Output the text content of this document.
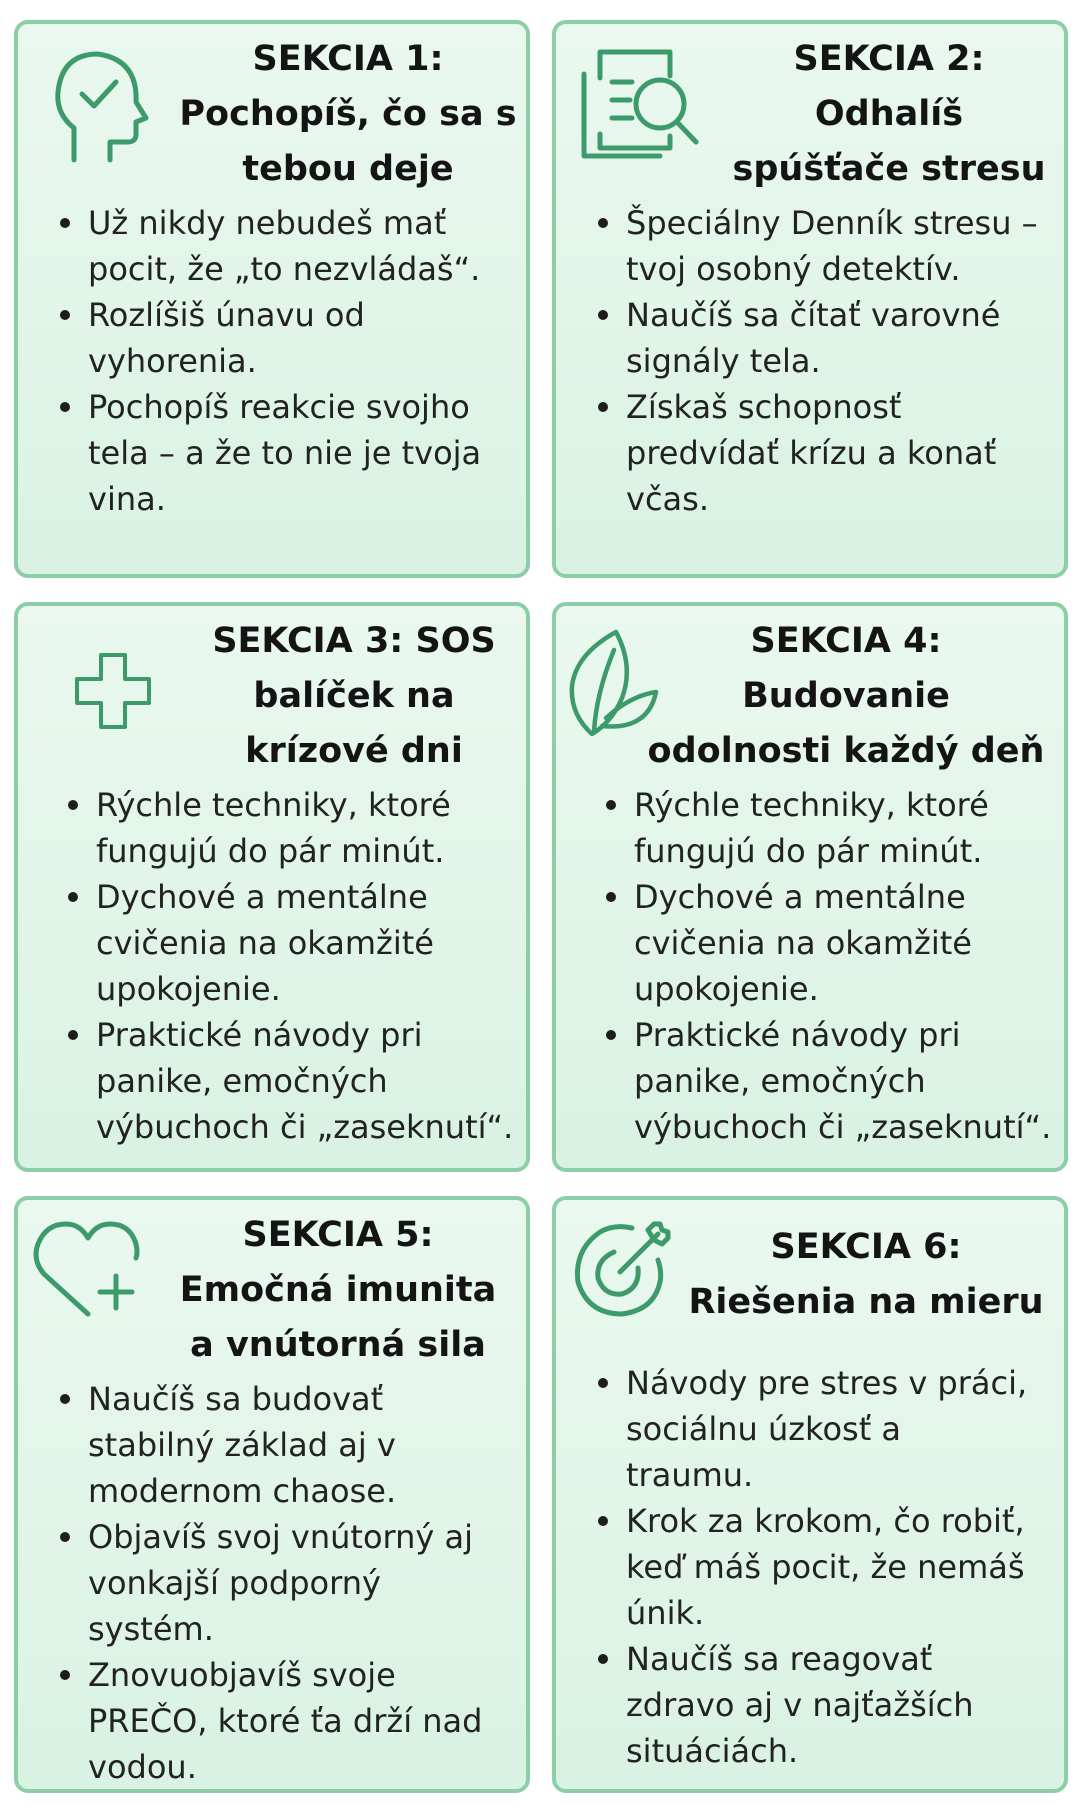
SEKCIA 1:
Pochopíš, čo sa s
tebou deje
Už nikdy nebudeš mať
pocit, že „to nezvládaš“.
Rozlíšiš únavu od
vyhorenia.
Pochopíš reakcie svojho
tela – a že to nie je tvoja
vina.
SEKCIA 2:
Odhalíš
spúšťače stresu
Špeciálny Denník stresu –
tvoj osobný detektív.
Naučíš sa čítať varovné
signály tela.
Získaš schopnosť
predvídať krízu a konať
včas.
SEKCIA 3: SOS
balíček na
krízové dni
Rýchle techniky, ktoré
fungujú do pár minút.
Dychové a mentálne
cvičenia na okamžité
upokojenie.
Praktické návody pri
panike, emočných
výbuchoch či „zaseknutí“.
SEKCIA 4:
Budovanie
odolnosti každý deň
Rýchle techniky, ktoré
fungujú do pár minút.
Dychové a mentálne
cvičenia na okamžité
upokojenie.
Praktické návody pri
panike, emočných
výbuchoch či „zaseknutí“.
SEKCIA 5:
Emočná imunita
a vnútorná sila
Naučíš sa budovať
stabilný základ aj v
modernom chaose.
Objavíš svoj vnútorný aj
vonkajší podporný
systém.
Znovuobjavíš svoje
PREČO, ktoré ťa drží nad
vodou.
SEKCIA 6:
Riešenia na mieru
Návody pre stres v práci,
sociálnu úzkosť a
traumu.
Krok za krokom, čo robiť,
keď máš pocit, že nemáš
únik.
Naučíš sa reagovať
zdravo aj v najťažších
situáciách.
